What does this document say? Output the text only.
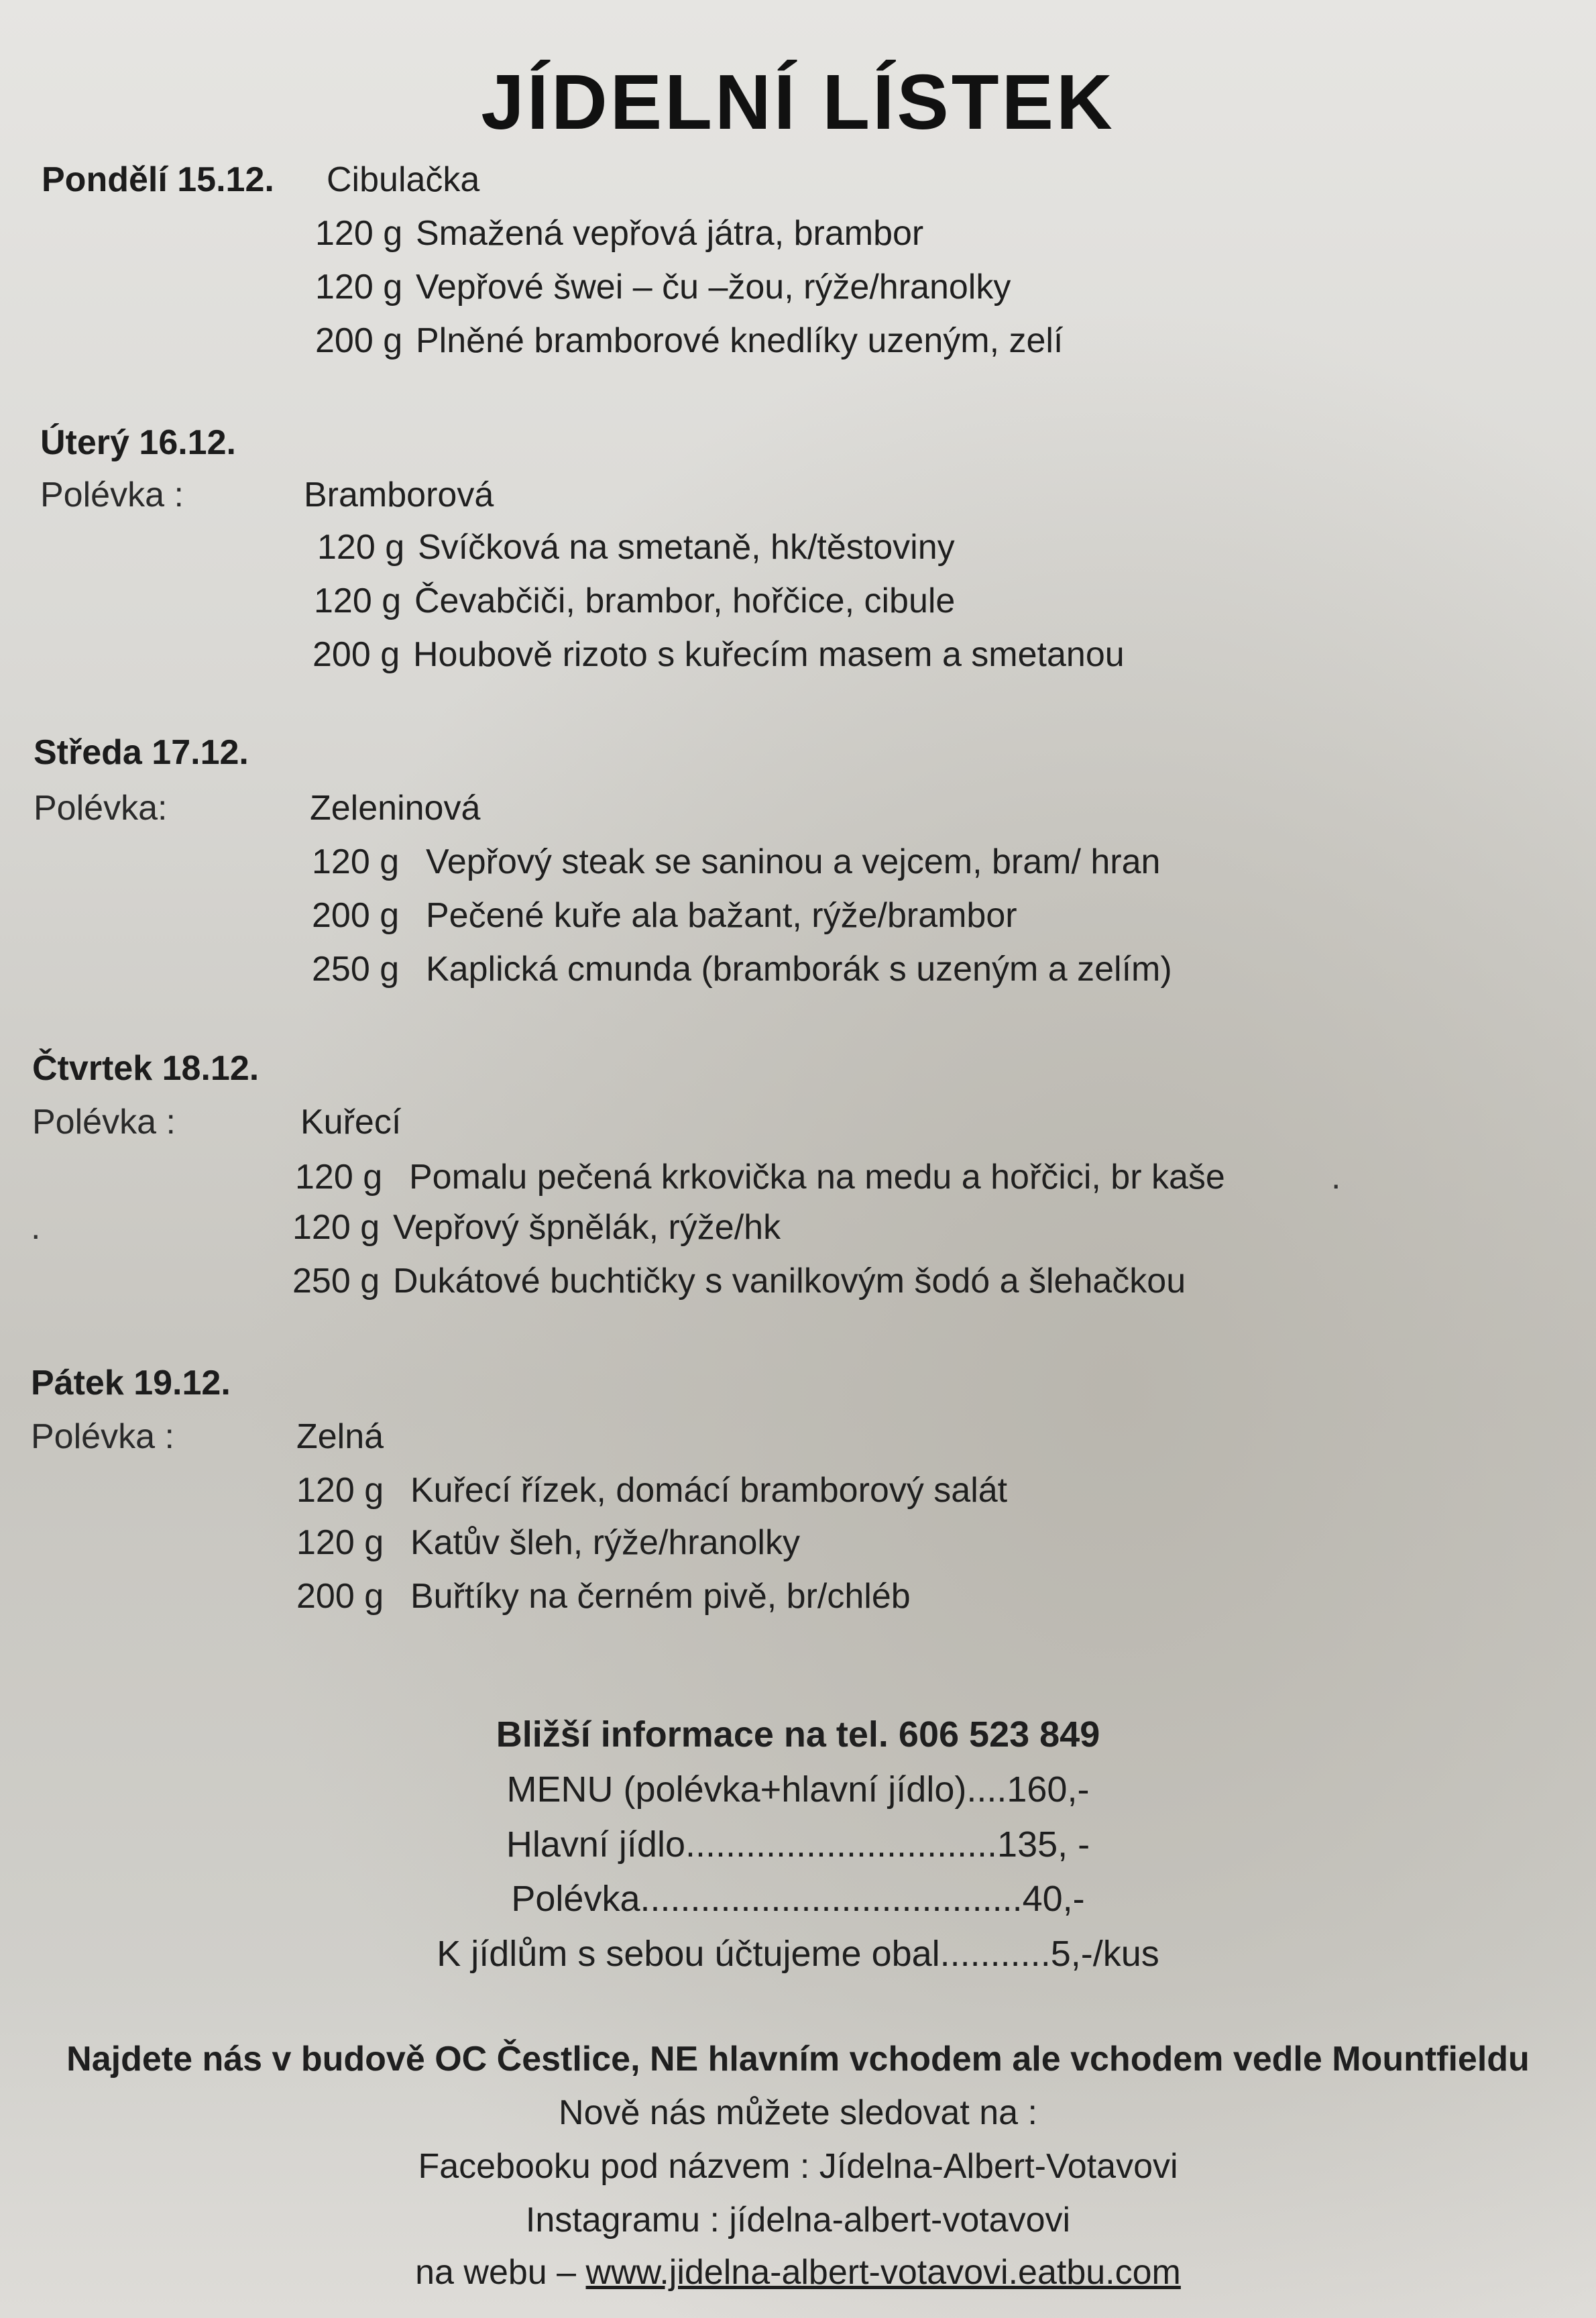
JÍDELNÍ LÍSTEK
Pondělí 15.12. Cibulačka
120 g Smažená vepřová játra, brambor
120 g Vepřové šwei – ču –žou, rýže/hranolky
200 g Plněné bramborové knedlíky uzeným, zelí
Úterý 16.12.
Polévka :	Bramborová
120 g Svíčková na smetaně, hk/těstoviny
120 g Čevabčiči, brambor, hořčice, cibule
200 g Houbově rizoto s kuřecím masem a smetanou
Středa 17.12.
Polévka:	Zeleninová
120 g Vepřový steak se saninou a vejcem, bram/ hran
200 g Pečené kuře ala bažant, rýže/brambor
250 g Kaplická cmunda (bramborák s uzeným a zelím)
Čtvrtek 18.12.
Polévka :	Kuřecí
120 g Pomalu pečená krkovička na medu a hořčici, br kaše	.
.	120 g Vepřový špnělák, rýže/hk
250 g Dukátové buchtičky s vanilkovým šodó a šlehačkou
Pátek 19.12.
Polévka :	Zelná
120 g Kuřecí řízek, domácí bramborový salát
120 g Katův šleh, rýže/hranolky
200 g Buřtíky na černém pivě, br/chléb
Bližší informace na tel. 606 523 849
MENU (polévka+hlavní jídlo)....160,-
Hlavní jídlo...............................135, -
Polévka......................................40,-
K jídlům s sebou účtujeme obal...........5,-/kus
Najdete nás v budově OC Čestlice, NE hlavním vchodem ale vchodem vedle Mountfieldu
Nově nás můžete sledovat na :
Facebooku pod názvem : Jídelna-Albert-Votavovi
Instagramu : jídelna-albert-votavovi
na webu – www.jidelna-albert-votavovi.eatbu.com
